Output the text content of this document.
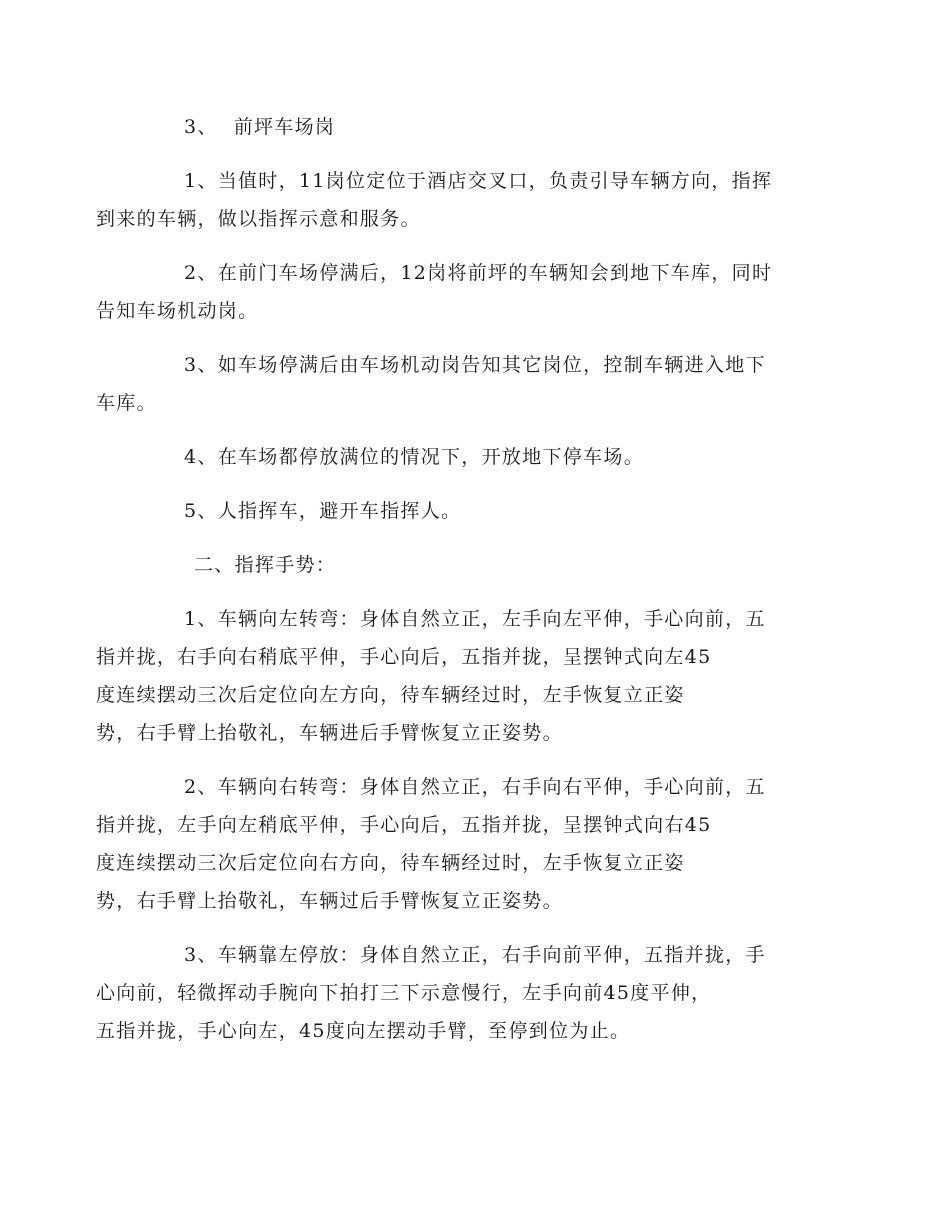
3、 前坪车场岗

1、当值时，11岗位定位于酒店交叉口，负责引导车辆方向，指挥
到来的车辆，做以指挥示意和服务。

2、在前门车场停满后，12岗将前坪的车辆知会到地下车库，同时
告知车场机动岗。

3、如车场停满后由车场机动岗告知其它岗位，控制车辆进入地下
车库。

4、在车场都停放满位的情况下，开放地下停车场。

5、人指挥车，避开车指挥人。

二、指挥手势：

1、车辆向左转弯：身体自然立正，左手向左平伸，手心向前，五
指并拢，右手向右稍底平伸，手心向后，五指并拢，呈摆钟式向左45
度连续摆动三次后定位向左方向，待车辆经过时，左手恢复立正姿
势，右手臂上抬敬礼，车辆进后手臂恢复立正姿势。

2、车辆向右转弯：身体自然立正，右手向右平伸，手心向前，五
指并拢，左手向左稍底平伸，手心向后，五指并拢，呈摆钟式向右45
度连续摆动三次后定位向右方向，待车辆经过时，左手恢复立正姿
势，右手臂上抬敬礼，车辆过后手臂恢复立正姿势。

3、车辆靠左停放：身体自然立正，右手向前平伸，五指并拢，手
心向前，轻微挥动手腕向下拍打三下示意慢行，左手向前45度平伸，
五指并拢，手心向左，45度向左摆动手臂，至停到位为止。
